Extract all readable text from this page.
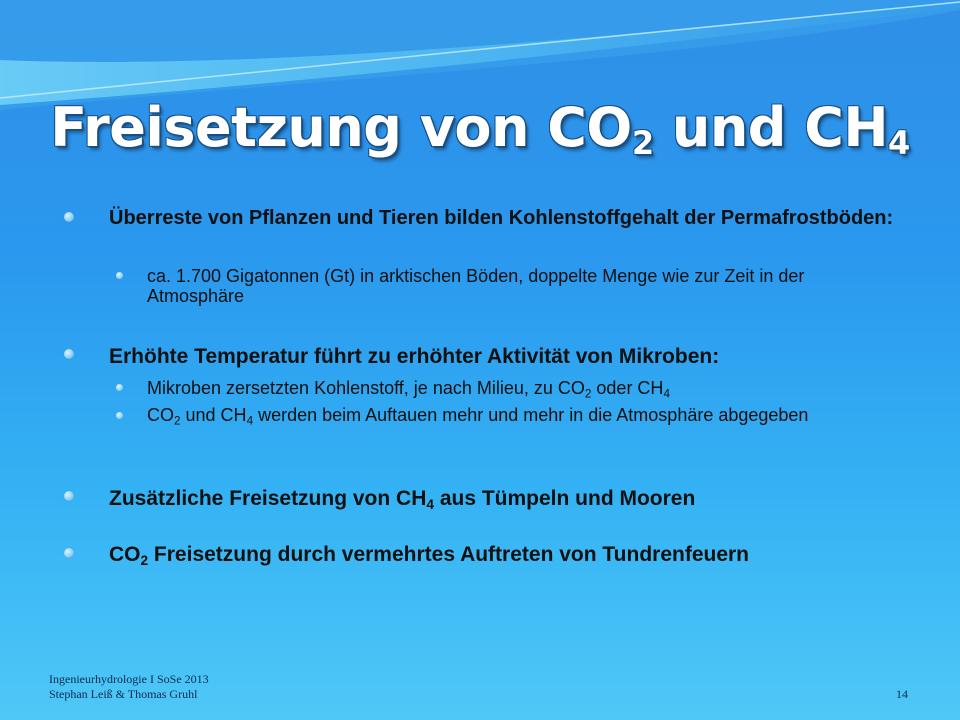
Freisetzung von $CO_2$ und $CH_4$
Überreste von Pflanzen und Tieren bilden Kohlenstoffgehalt der Permafrostböden:
ca. 1.700 Gigatonnen (Gt) in arktischen Böden, doppelte Menge wie zur Zeit in der Atmosphäre
Erhöhte Temperatur führt zu erhöhter Aktivität von Mikroben:
Mikroben zersetzten Kohlenstoff, je nach Milieu, zu $CO_2$ oder $CH_4$
$CO_2$ und $CH_4$ werden beim Auftauen mehr und mehr in die Atmosphäre abgegeben
Zusätzliche Freisetzung von $CH_4$ aus Tümpeln und Mooren
$CO_2$ Freisetzung durch vermehrtes Auftreten von Tundrenfeuern
Ingenieurhydrologie I SoSe 2013
Stephan Leiß & Thomas Gruhl	14
